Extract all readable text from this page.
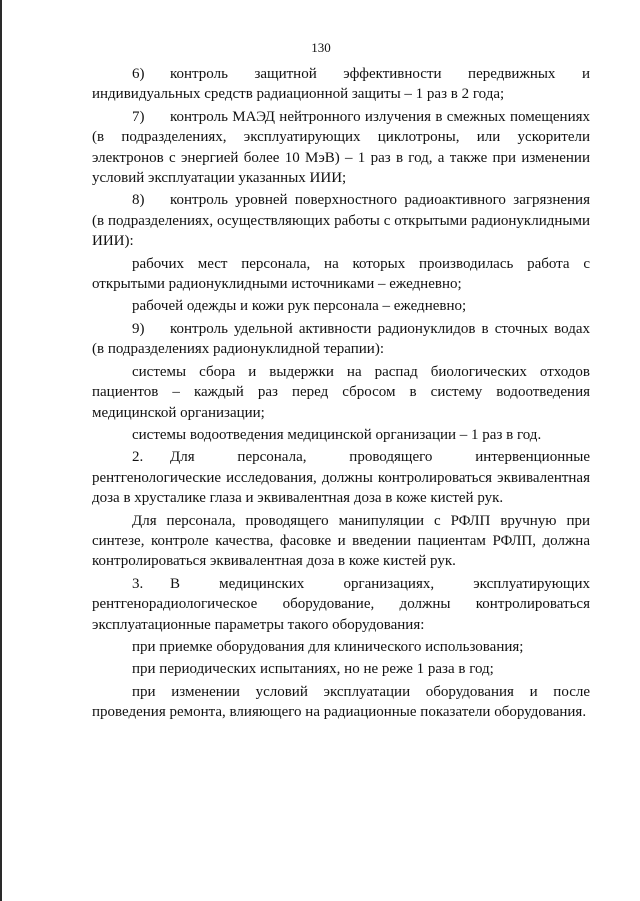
130

6) контроль защитной эффективности передвижных и индивидуальных средств радиационной защиты – 1 раз в 2 года;

7) контроль МАЭД нейтронного излучения в смежных помещениях (в подразделениях, эксплуатирующих циклотроны, или ускорители электронов с энергией более 10 МэВ) – 1 раз в год, а также при изменении условий эксплуатации указанных ИИИ;

8) контроль уровней поверхностного радиоактивного загрязнения (в подразделениях, осуществляющих работы с открытыми радионуклидными ИИИ):

рабочих мест персонала, на которых производилась работа с открытыми радионуклидными источниками – ежедневно;

рабочей одежды и кожи рук персонала – ежедневно;

9) контроль удельной активности радионуклидов в сточных водах (в подразделениях радионуклидной терапии):

системы сбора и выдержки на распад биологических отходов пациентов – каждый раз перед сбросом в систему водоотведения медицинской организации;

системы водоотведения медицинской организации – 1 раз в год.

2. Для персонала, проводящего интервенционные рентгенологические исследования, должны контролироваться эквивалентная доза в хрусталике глаза и эквивалентная доза в коже кистей рук.

Для персонала, проводящего манипуляции с РФЛП вручную при синтезе, контроле качества, фасовке и введении пациентам РФЛП, должна контролироваться эквивалентная доза в коже кистей рук.

3. В медицинских организациях, эксплуатирующих рентгенорадиологическое оборудование, должны контролироваться эксплуатационные параметры такого оборудования:

при приемке оборудования для клинического использования;

при периодических испытаниях, но не реже 1 раза в год;

при изменении условий эксплуатации оборудования и после проведения ремонта, влияющего на радиационные показатели оборудования.
